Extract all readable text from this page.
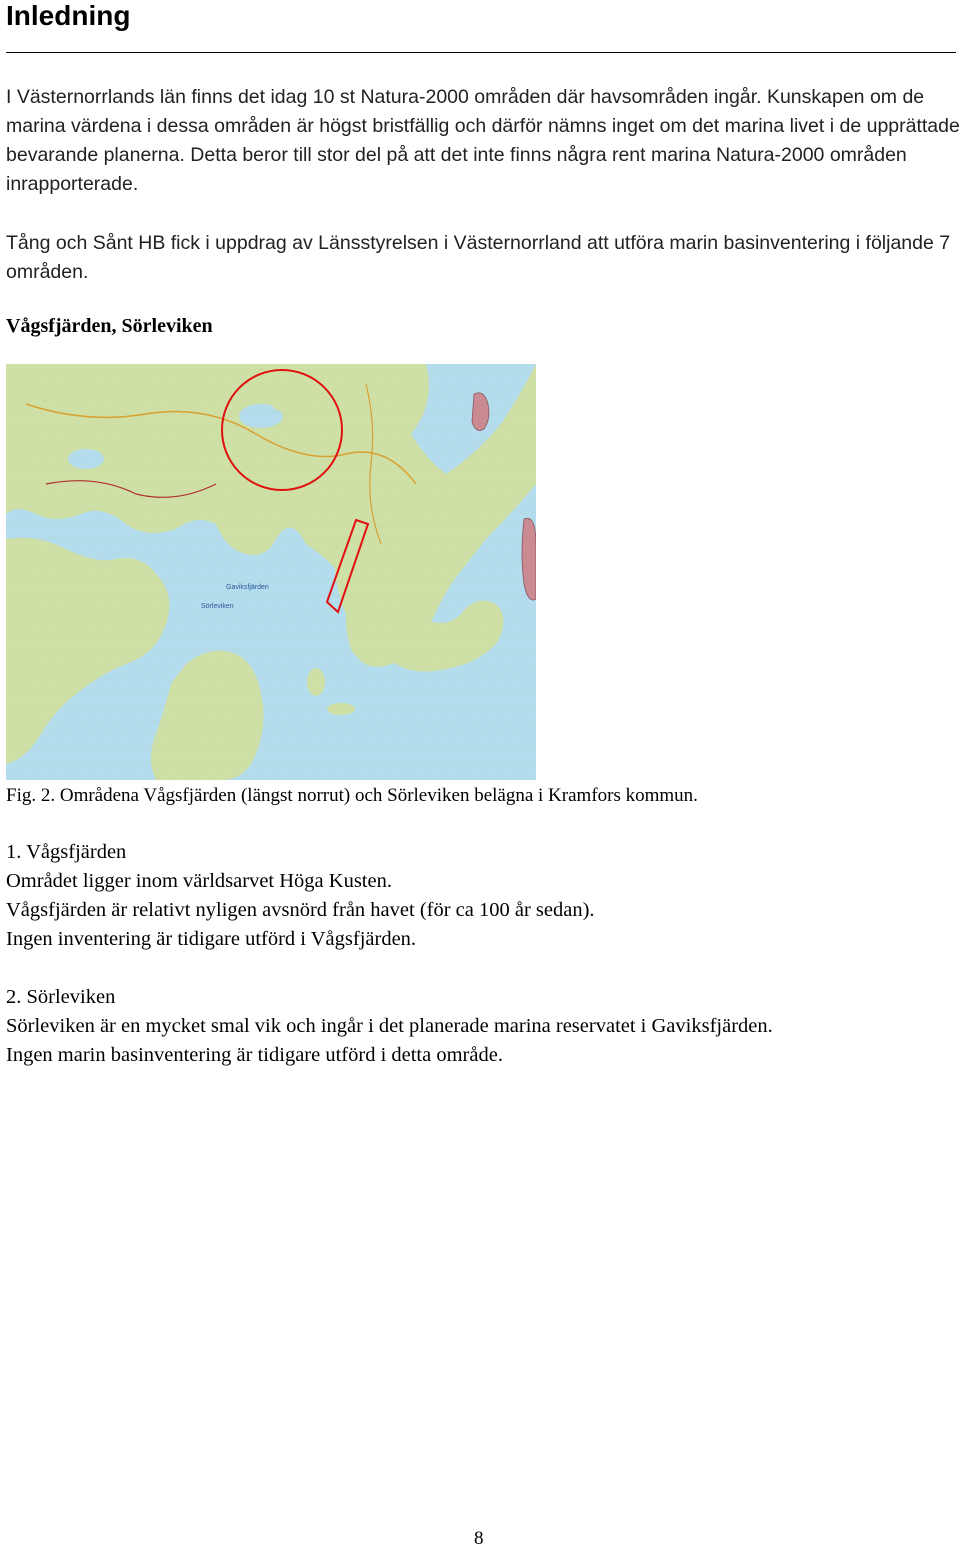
Inledning

I Västernorrlands län finns det idag 10 st Natura-2000 områden där havsområden ingår. Kunskapen om de marina värdena i dessa områden är högst bristfällig och därför nämns inget om det marina livet i de upprättade bevarande planerna. Detta beror till stor del på att det inte finns några rent marina Natura-2000 områden inrapporterade.

Tång och Sånt HB fick i uppdrag av Länsstyrelsen i Västernorrland att utföra marin basinventering i följande 7 områden.

Vågsfjärden, Sörleviken
Gaviksfjärden
Sörleviken

Fig. 2. Områdena Vågsfjärden (längst norrut) och Sörleviken belägna i Kramfors kommun.

1. Vågsfjärden
Området ligger inom världsarvet Höga Kusten.
Vågsfjärden är relativt nyligen avsnörd från havet (för ca 100 år sedan).
Ingen inventering är tidigare utförd i Vågsfjärden.
2. Sörleviken
Sörleviken är en mycket smal vik och ingår i det planerade marina reservatet i Gaviksfjärden.
Ingen marin basinventering är tidigare utförd i detta område.
8
